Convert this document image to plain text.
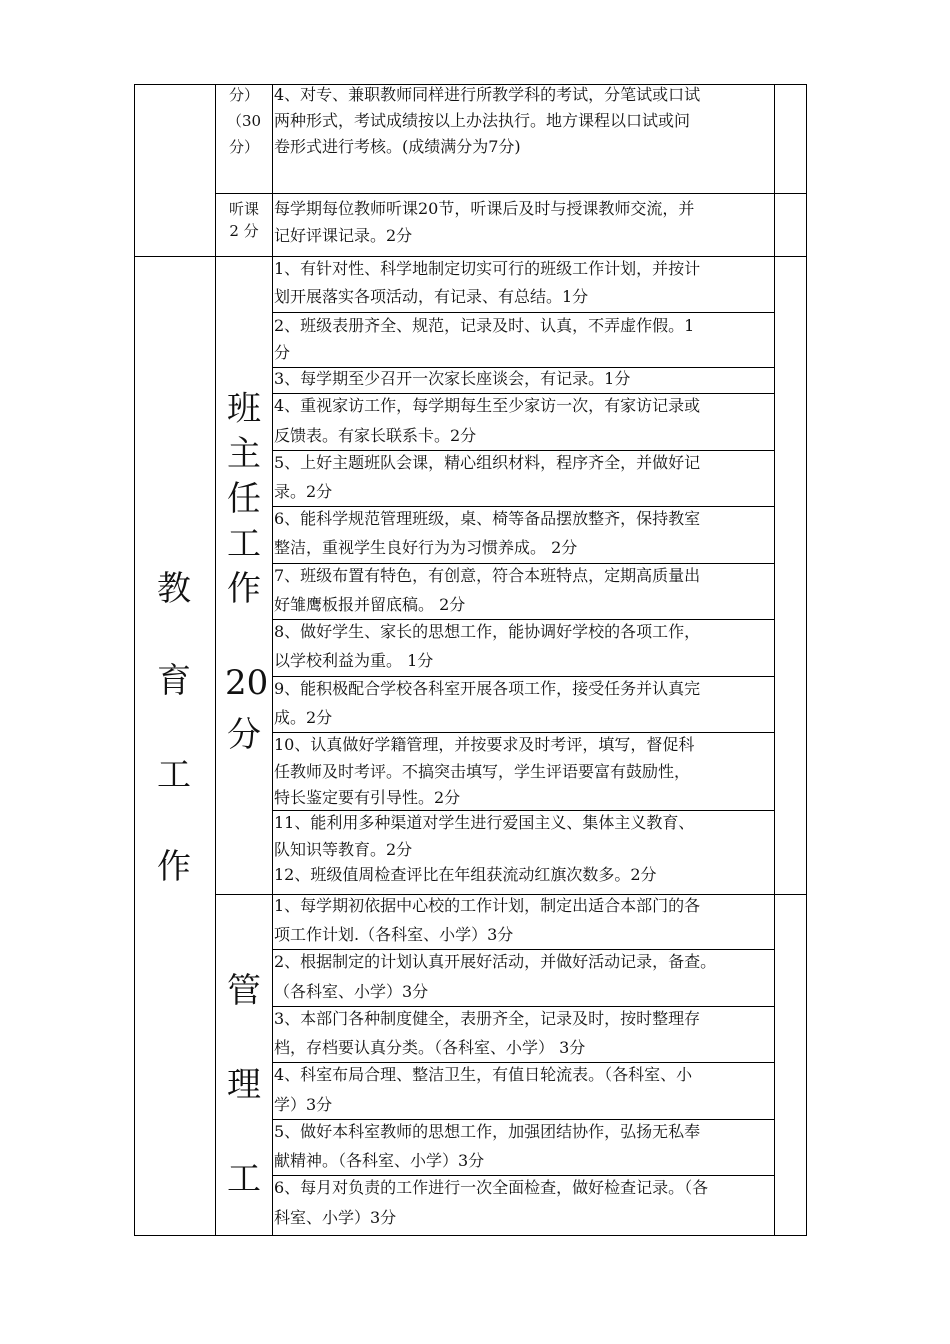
分）
（30
分）
4、对专、兼职教师同样进行所教学科的考试，分笔试或口试
两种形式，考试成绩按以上办法执行。地方课程以口试或问
卷形式进行考核。(成绩满分为7分)
听课
2 分
每学期每位教师听课20节，听课后及时与授课教师交流，并
记好评课记录。2分
教
育
工
作
班
主
任
工
作
20
分
1、有针对性、科学地制定切实可行的班级工作计划，并按计
划开展落实各项活动，有记录、有总结。1分
2、班级表册齐全、规范，记录及时、认真，不弄虚作假。1
分
3、每学期至少召开一次家长座谈会，有记录。1分
4、重视家访工作，每学期每生至少家访一次，有家访记录或
反馈表。有家长联系卡。2分
5、上好主题班队会课，精心组织材料，程序齐全，并做好记
录。2分
6、能科学规范管理班级，桌、椅等备品摆放整齐，保持教室
整洁，重视学生良好行为为习惯养成。 2分
7、班级布置有特色，有创意，符合本班特点，定期高质量出
好雏鹰板报并留底稿。 2分
8、做好学生、家长的思想工作，能协调好学校的各项工作，
以学校利益为重。 1分
9、能积极配合学校各科室开展各项工作，接受任务并认真完
成。2分
10、认真做好学籍管理，并按要求及时考评，填写，督促科
任教师及时考评。不搞突击填写，学生评语要富有鼓励性，
特长鉴定要有引导性。2分
11、能利用多种渠道对学生进行爱国主义、集体主义教育、
队知识等教育。2分
12、班级值周检查评比在年组获流动红旗次数多。2分
管
理
工
1、每学期初依据中心校的工作计划，制定出适合本部门的各
项工作计划.（各科室、小学）3分
2、根据制定的计划认真开展好活动，并做好活动记录，备查。
（各科室、小学）3分
3、本部门各种制度健全，表册齐全，记录及时，按时整理存
档，存档要认真分类。（各科室、小学） 3分
4、科室布局合理、整洁卫生，有值日轮流表。（各科室、小
学）3分
5、做好本科室教师的思想工作，加强团结协作，弘扬无私奉
献精神。（各科室、小学）3分
6、每月对负责的工作进行一次全面检查，做好检查记录。（各
科室、小学）3分
